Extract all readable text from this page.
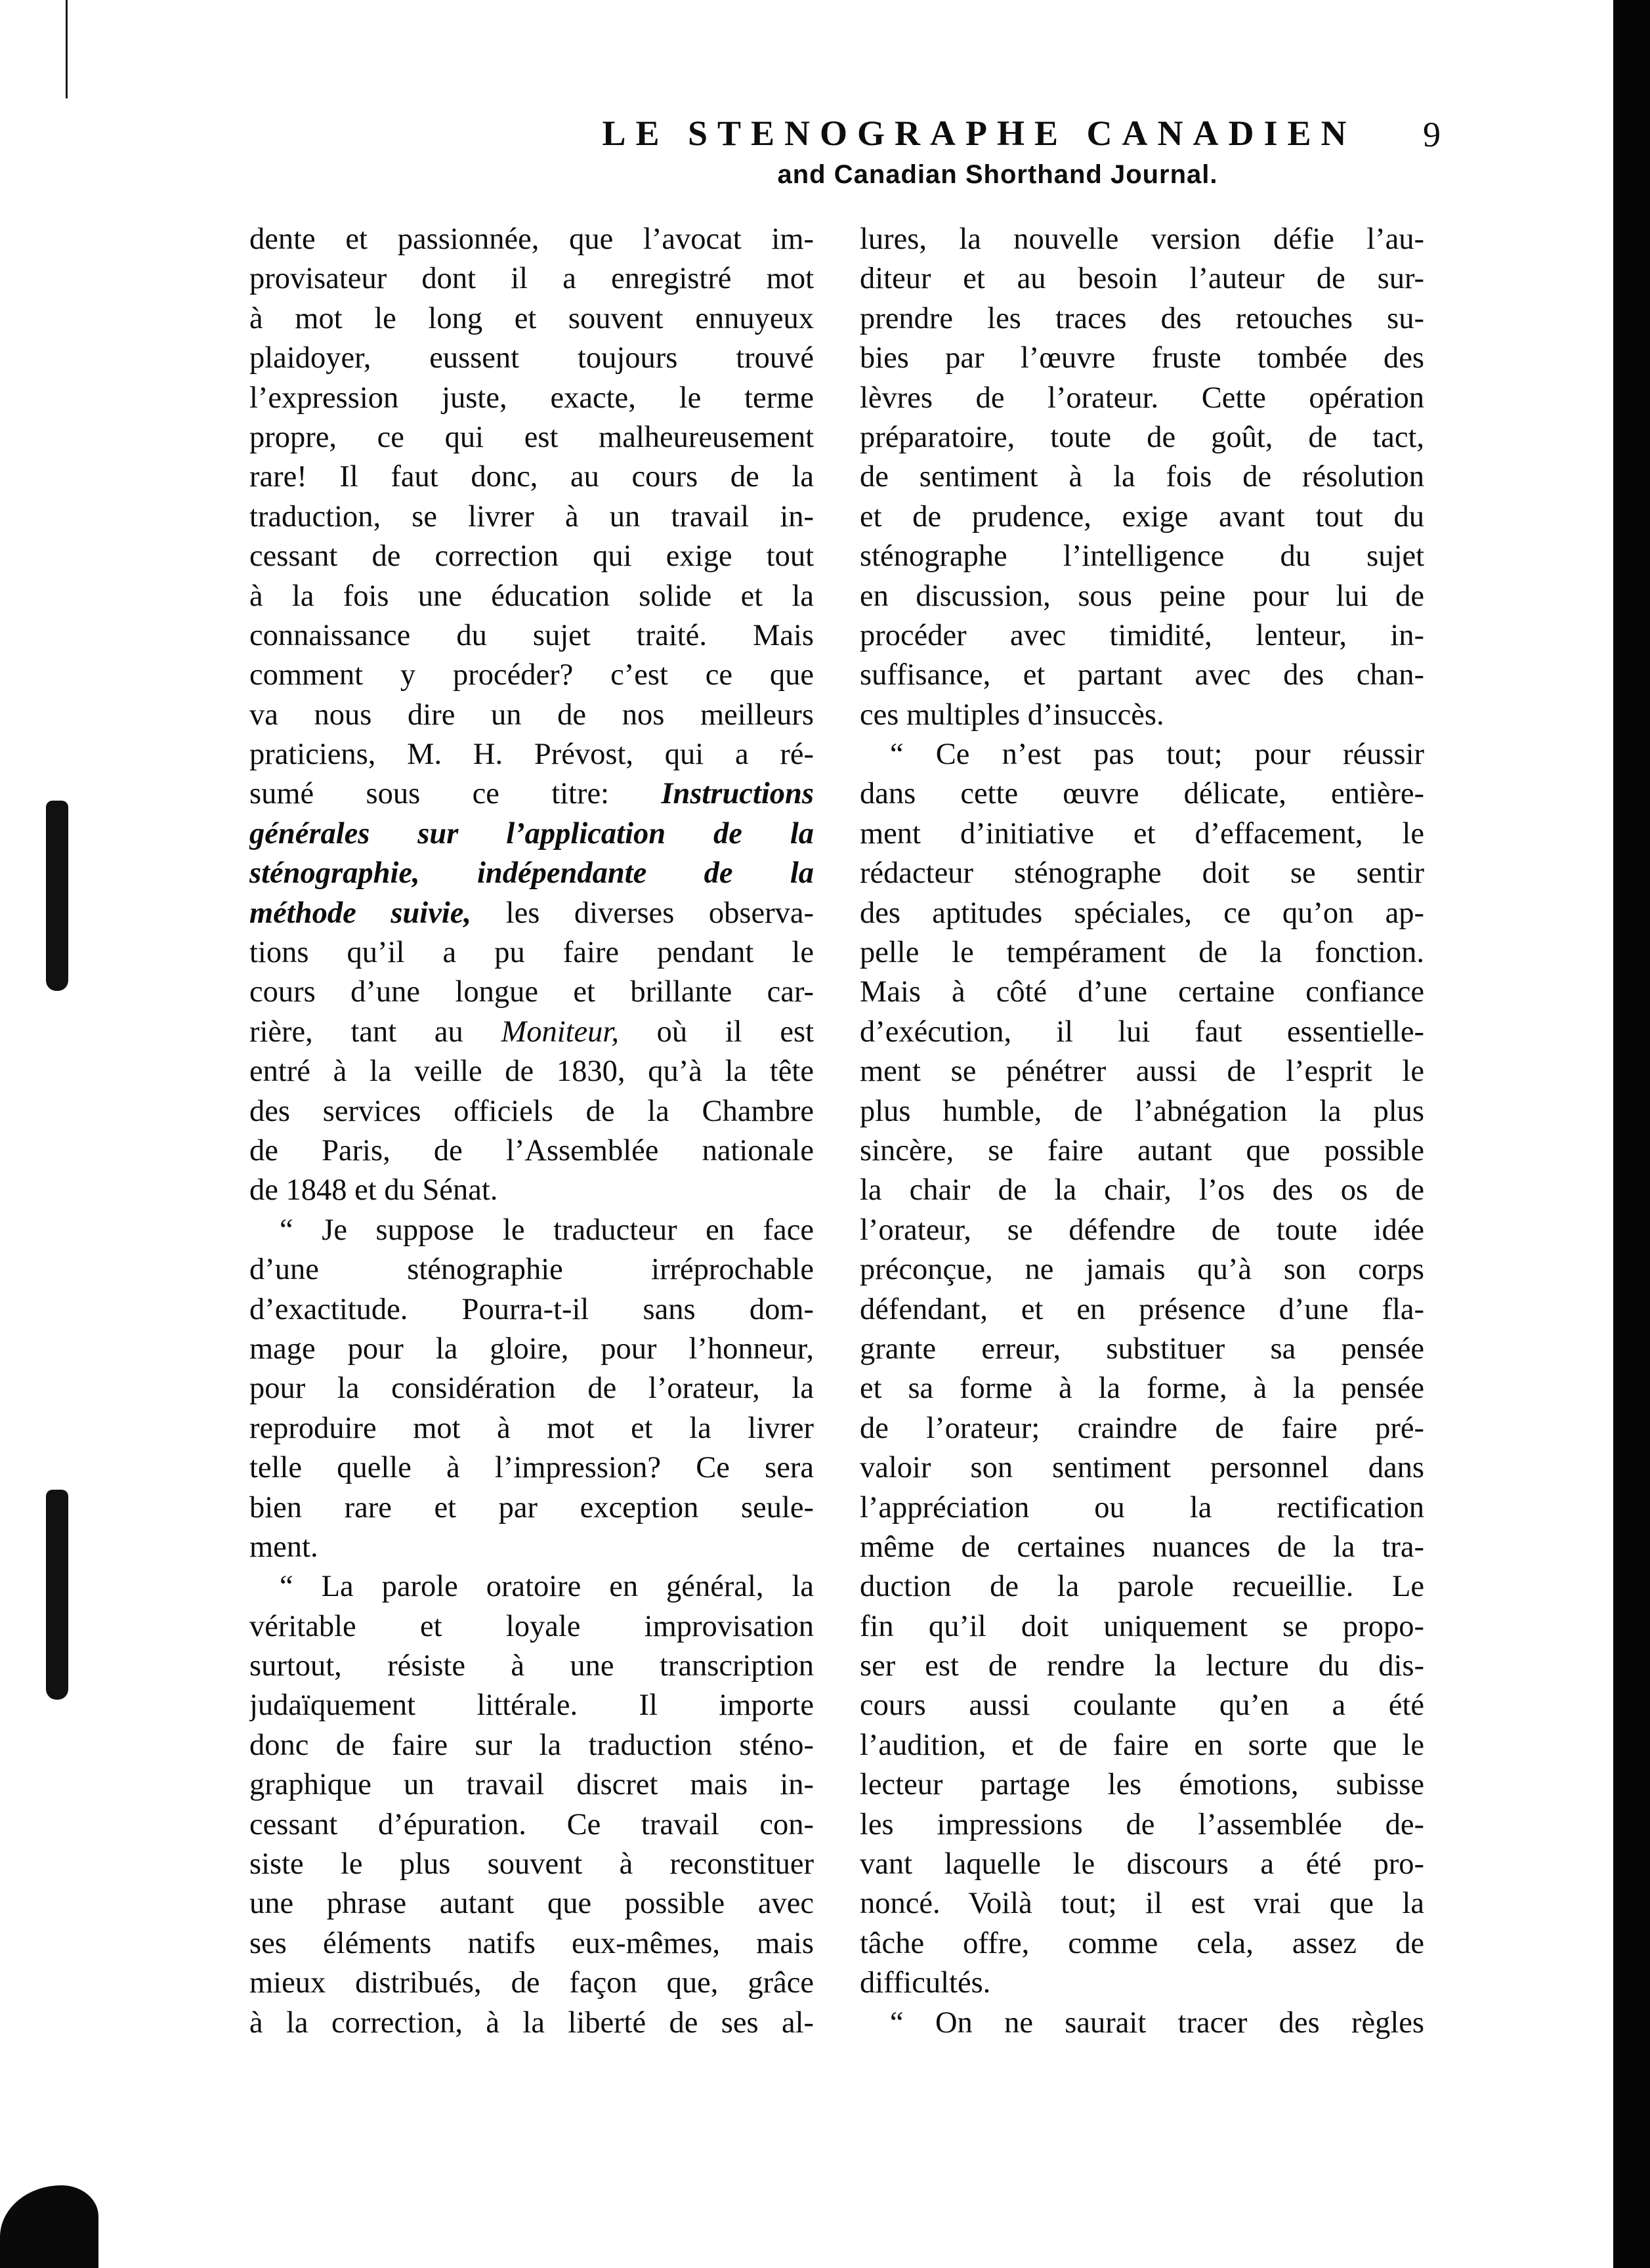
LE STENOGRAPHE CANADIEN	9
and Canadian Shorthand Journal.
dente et passionnée, que l’avocat im-
provisateur dont il a enregistré mot
à mot le long et souvent ennuyeux
plaidoyer, eussent toujours trouvé
l’expression juste, exacte, le terme
propre, ce qui est malheureusement
rare! Il faut donc, au cours de la
traduction, se livrer à un travail in-
cessant de correction qui exige tout
à la fois une éducation solide et la
connaissance du sujet traité. Mais
comment y procéder? c’est ce que
va nous dire un de nos meilleurs
praticiens, M. H. Prévost, qui a ré-
sumé sous ce titre: Instructions
générales sur l’application de la
sténographie, indépendante de la
méthode suivie, les diverses observa-
tions qu’il a pu faire pendant le
cours d’une longue et brillante car-
rière, tant au Moniteur, où il est
entré à la veille de 1830, qu’à la tête
des services officiels de la Chambre
de Paris, de l’Assemblée nationale
de 1848 et du Sénat.
“ Je suppose le traducteur en face
d’une sténographie irréprochable
d’exactitude. Pourra-t-il sans dom-
mage pour la gloire, pour l’honneur,
pour la considération de l’orateur, la
reproduire mot à mot et la livrer
telle quelle à l’impression? Ce sera
bien rare et par exception seule-
ment.
“ La parole oratoire en général, la
véritable et loyale improvisation
surtout, résiste à une transcription
judaïquement littérale. Il importe
donc de faire sur la traduction sténo-
graphique un travail discret mais in-
cessant d’épuration. Ce travail con-
siste le plus souvent à reconstituer
une phrase autant que possible avec
ses éléments natifs eux-mêmes, mais
mieux distribués, de façon que, grâce
à la correction, à la liberté de ses al-
lures, la nouvelle version défie l’au-
diteur et au besoin l’auteur de sur-
prendre les traces des retouches su-
bies par l’œuvre fruste tombée des
lèvres de l’orateur. Cette opération
préparatoire, toute de goût, de tact,
de sentiment à la fois de résolution
et de prudence, exige avant tout du
sténographe l’intelligence du sujet
en discussion, sous peine pour lui de
procéder avec timidité, lenteur, in-
suffisance, et partant avec des chan-
ces multiples d’insuccès.
“ Ce n’est pas tout; pour réussir
dans cette œuvre délicate, entière-
ment d’initiative et d’effacement, le
rédacteur sténographe doit se sentir
des aptitudes spéciales, ce qu’on ap-
pelle le tempérament de la fonction.
Mais à côté d’une certaine confiance
d’exécution, il lui faut essentielle-
ment se pénétrer aussi de l’esprit le
plus humble, de l’abnégation la plus
sincère, se faire autant que possible
la chair de la chair, l’os des os de
l’orateur, se défendre de toute idée
préconçue, ne jamais qu’à son corps
défendant, et en présence d’une fla-
grante erreur, substituer sa pensée
et sa forme à la forme, à la pensée
de l’orateur; craindre de faire pré-
valoir son sentiment personnel dans
l’appréciation ou la rectification
même de certaines nuances de la tra-
duction de la parole recueillie. Le
fin qu’il doit uniquement se propo-
ser est de rendre la lecture du dis-
cours aussi coulante qu’en a été
l’audition, et de faire en sorte que le
lecteur partage les émotions, subisse
les impressions de l’assemblée de-
vant laquelle le discours a été pro-
noncé. Voilà tout; il est vrai que la
tâche offre, comme cela, assez de
difficultés.
“ On ne saurait tracer des règles
